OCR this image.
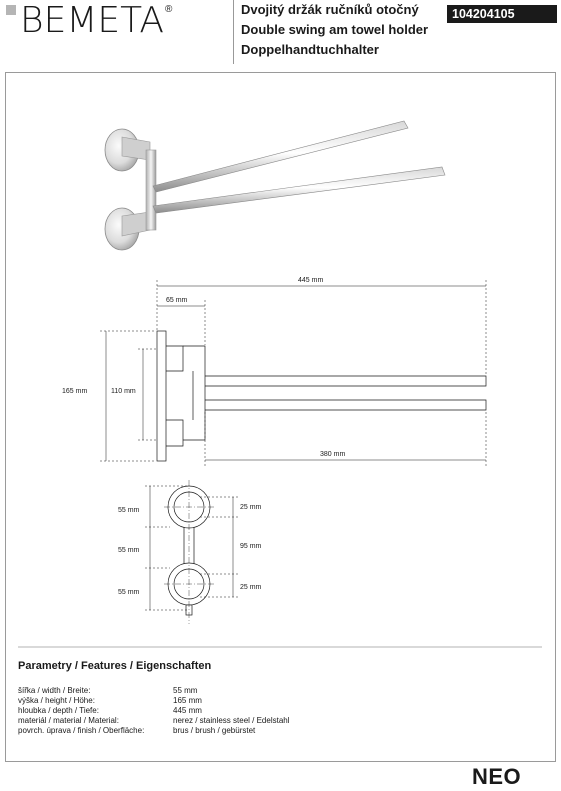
BEMETA ®	Dvojitý držák ručníků otočný
Double swing am towel holder
Doppelhandtuchhalter
104204105
445 mm
65 mm
165 mm	110 mm
380 mm
55 mm
55 mm
55 mm
25 mm
95 mm
25 mm
Parametry / Features / Eigenschaften
šířka / width / Breite:	55 mm
výška / height / Höhe:	165 mm
hloubka / depth / Tiefe:	445 mm
materiál / material / Material:	nerez / stainless steel / Edelstahl
povrch. úprava / finish / Oberfläche:	brus / brush / gebürstet
NEO
